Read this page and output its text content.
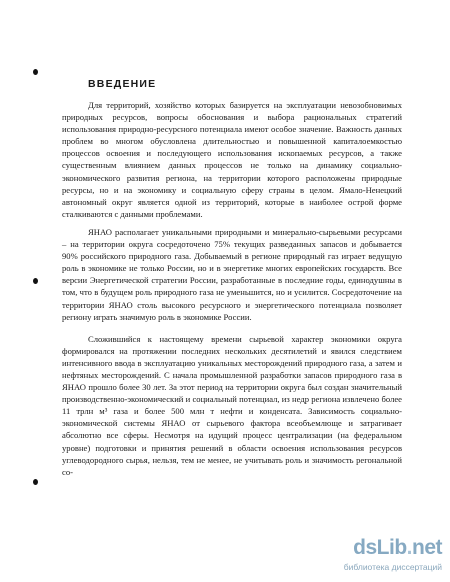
ВВЕДЕНИЕ

Для территорий, хозяйство которых базируется на эксплуатации невозобновимых природных ресурсов, вопросы обоснования и выбора рациональных стратегий использования природно-ресурсного потенциала имеют особое значение. Важность данных проблем во многом обусловлена длительностью и повышенной капиталоемкостью процессов освоения и последующего использования ископаемых ресурсов, а также существенным влиянием данных процессов не только на динамику социально-экономического развития региона, на территории которого расположены природные ресурсы, но и на экономику и социальную сферу страны в целом. Ямало-Ненецкий автономный округ является одной из территорий, которые в наиболее острой форме сталкиваются с данными проблемами.

ЯНАО располагает уникальными природными и минерально-сырьевыми ресурсами – на территории округа сосредоточено 75% текущих разведанных запасов и добывается 90% российского природного газа. Добываемый в регионе природный газ играет ведущую роль в экономике не только России, но и в энергетике многих европейских государств. Все версии Энергетической стратегии России, разработанные в последние годы, единодушны в том, что в будущем роль природного газа не уменьшится, но и усилится. Сосредоточение на территории ЯНАО столь высокого ресурсного и энергетического потенциала позволяет региону играть значимую роль в экономике России.

Сложившийся к настоящему времени сырьевой характер экономики округа формировался на протяжении последних нескольких десятилетий и явился следствием интенсивного ввода в эксплуатацию уникальных месторождений природного газа, а затем и нефтяных месторождений. С начала промышленной разработки запасов природного газа в ЯНАО прошло более 30 лет. За этот период на территории округа был создан значительный производственно-экономический и социальный потенциал, из недр региона извлечено более 11 трлн м³ газа и более 500 млн т нефти и конденсата. Зависимость социально-экономической системы ЯНАО от сырьевого фактора всеобъемлюще и затрагивает абсолютно все сферы. Несмотря на идущий процесс централизации (на федеральном уровне) подготовки и принятия решений в области освоения использования ресурсов углеводородного сырья, нельзя, тем не менее, не учитывать роль и значимость регональной со-

dsLib.net
библиотека диссертаций
